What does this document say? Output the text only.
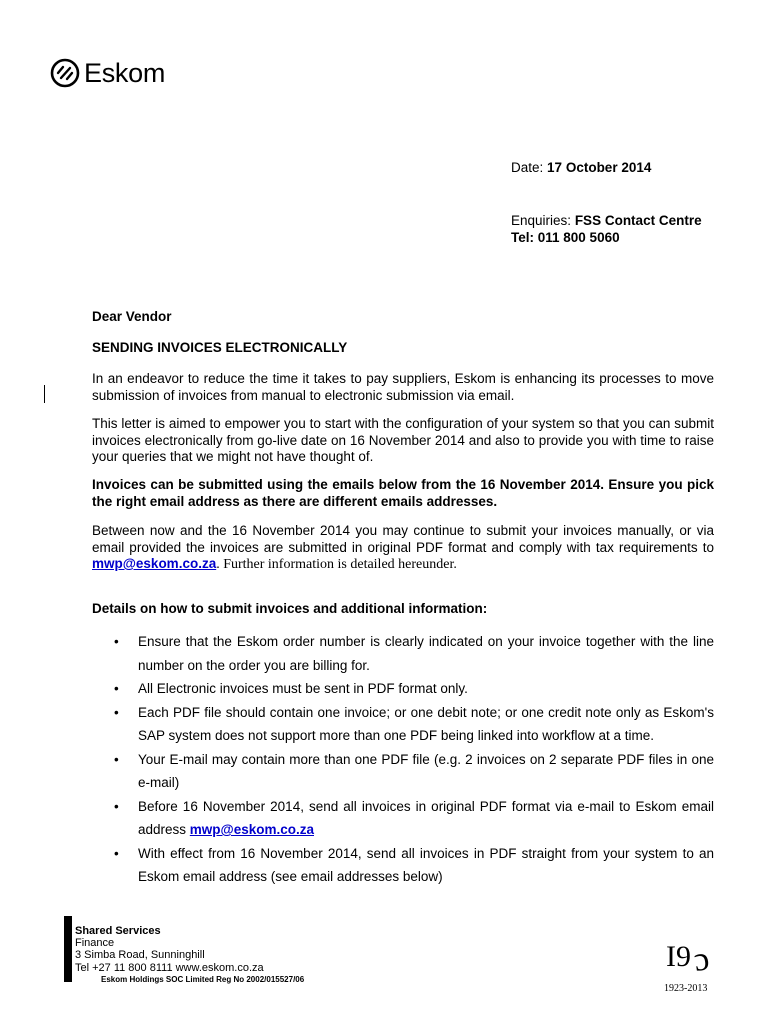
Eskom
Date: 17 October 2014
Enquiries: FSS Contact Centre
Tel: 011 800 5060
Dear Vendor
SENDING INVOICES ELECTRONICALLY
In an endeavor to reduce the time it takes to pay suppliers, Eskom is enhancing its processes to move submission of invoices from manual to electronic submission via email.
This letter is aimed to empower you to start with the configuration of your system so that you can submit invoices electronically from go-live date on 16 November 2014 and also to provide you with time to raise your queries that we might not have thought of.
Invoices can be submitted using the emails below from the 16 November 2014. Ensure you pick the right email address as there are different emails addresses.
Between now and the 16 November 2014 you may continue to submit your invoices manually, or via email provided the invoices are submitted in original PDF format and comply with tax requirements to mwp@eskom.co.za. Further information is detailed hereunder.
Details on how to submit invoices and additional information:
• Ensure that the Eskom order number is clearly indicated on your invoice together with the line number on the order you are billing for.
• All Electronic invoices must be sent in PDF format only.
• Each PDF file should contain one invoice; or one debit note; or one credit note only as Eskom's SAP system does not support more than one PDF being linked into workflow at a time.
• Your E-mail may contain more than one PDF file (e.g. 2 invoices on 2 separate PDF files in one e-mail)
• Before 16 November 2014, send all invoices in original PDF format via e-mail to Eskom email address mwp@eskom.co.za
• With effect from 16 November 2014, send all invoices in PDF straight from your system to an Eskom email address (see email addresses below)
Shared Services
Finance
3 Simba Road, Sunninghill
Tel +27 11 800 8111 www.eskom.co.za
Eskom Holdings SOC Limited Reg No 2002/015527/06
I 9 ɔ
1923-2013
